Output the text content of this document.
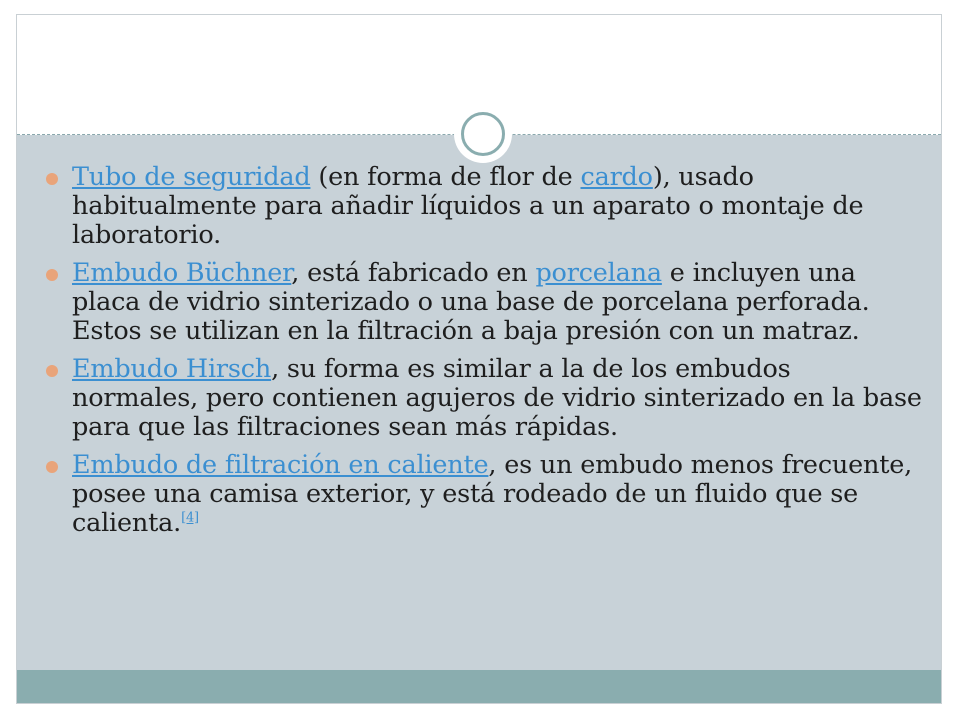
Tubo de seguridad (en forma de flor de cardo), usado habitualmente para añadir líquidos a un aparato o montaje de laboratorio.
Embudo Büchner, está fabricado en porcelana e incluyen una placa de vidrio sinterizado o una base de porcelana perforada. Estos se utilizan en la filtración a baja presión con un matraz.
Embudo Hirsch, su forma es similar a la de los embudos normales, pero contienen agujeros de vidrio sinterizado en la base para que las filtraciones sean más rápidas.
Embudo de filtración en caliente, es un embudo menos frecuente, posee una camisa exterior, y está rodeado de un fluido que se calienta.[4]
